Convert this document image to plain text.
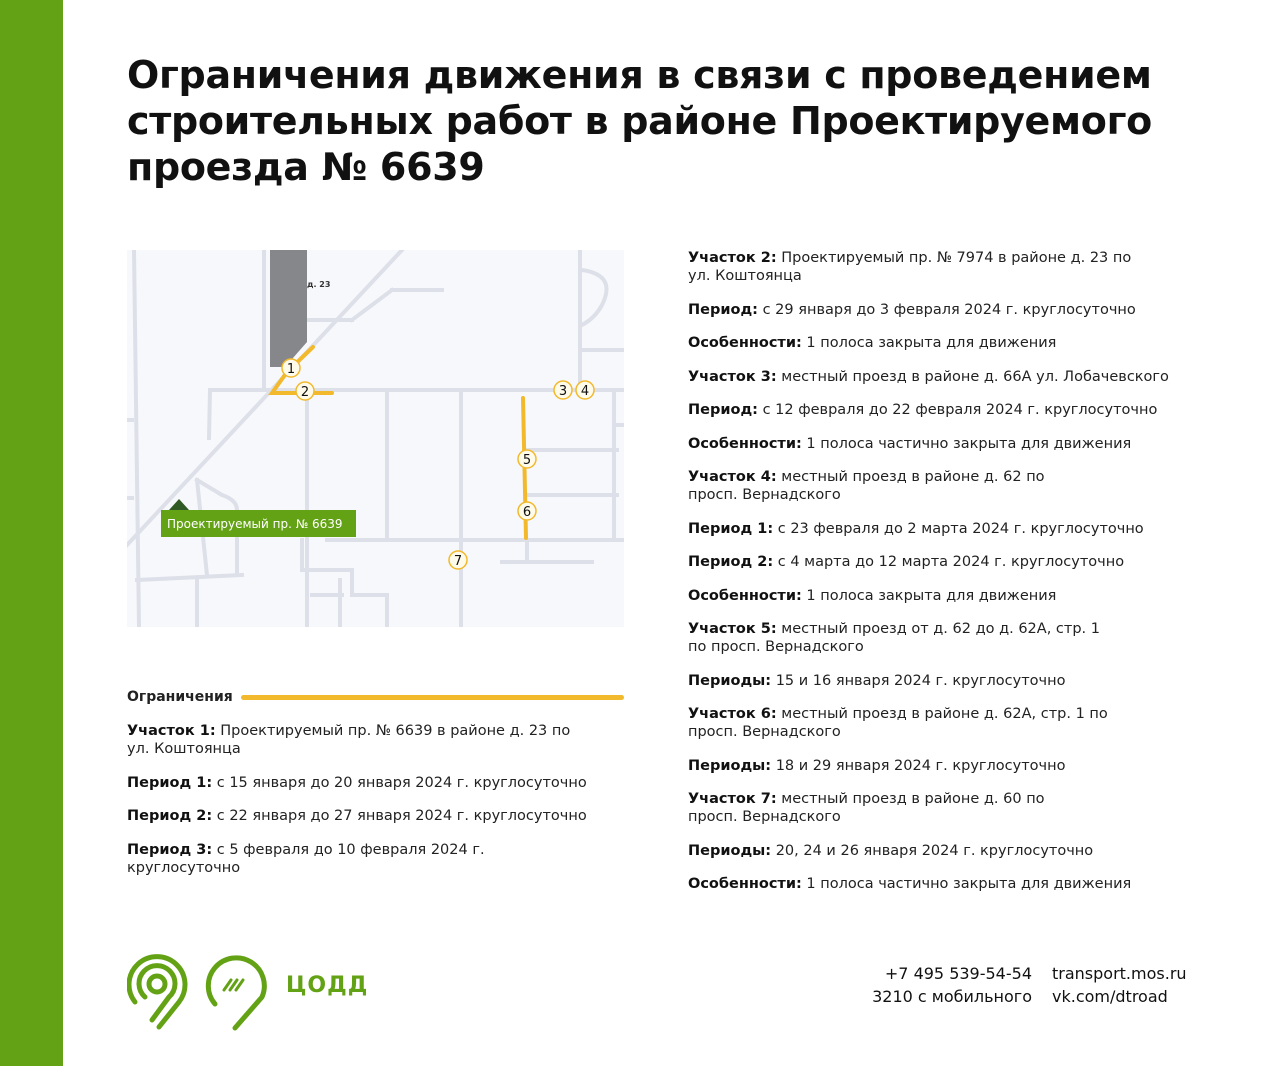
Ограничения движения в связи с проведением строительных работ в районе Проектируемого проезда № 6639
д. 23
1
2	3 4
5
6
7
Проектируемый пр. № 6639
Ограничения

Участок 1: Проектируемый пр. № 6639 в районе д. 23 по ул. Коштоянца

Период 1: с 15 января до 20 января 2024 г. круглосуточно

Период 2: с 22 января до 27 января 2024 г. круглосуточно

Период 3: с 5 февраля до 10 февраля 2024 г. круглосуточно

Участок 2: Проектируемый пр. № 7974 в районе д. 23 по ул. Коштоянца

Период: с 29 января до 3 февраля 2024 г. круглосуточно

Особенности: 1 полоса закрыта для движения

Участок 3: местный проезд в районе д. 66А ул. Лобачевского

Период: с 12 февраля до 22 февраля 2024 г. круглосуточно

Особенности: 1 полоса частично закрыта для движения

Участок 4: местный проезд в районе д. 62 по просп. Вернадского

Период 1: с 23 февраля до 2 марта 2024 г. круглосуточно

Период 2: с 4 марта до 12 марта 2024 г. круглосуточно

Особенности: 1 полоса закрыта для движения

Участок 5: местный проезд от д. 62 до д. 62А, стр. 1 по просп. Вернадского

Периоды: 15 и 16 января 2024 г. круглосуточно

Участок 6: местный проезд в районе д. 62А, стр. 1 по просп. Вернадского

Периоды: 18 и 29 января 2024 г. круглосуточно

Участок 7: местный проезд в районе д. 60 по просп. Вернадского

Периоды: 20, 24 и 26 января 2024 г. круглосуточно

Особенности: 1 полоса частично закрыта для движения

ЦОДД	+7 495 539-54-54
3210 с мобильного
transport.mos.ru
vk.com/dtroad
